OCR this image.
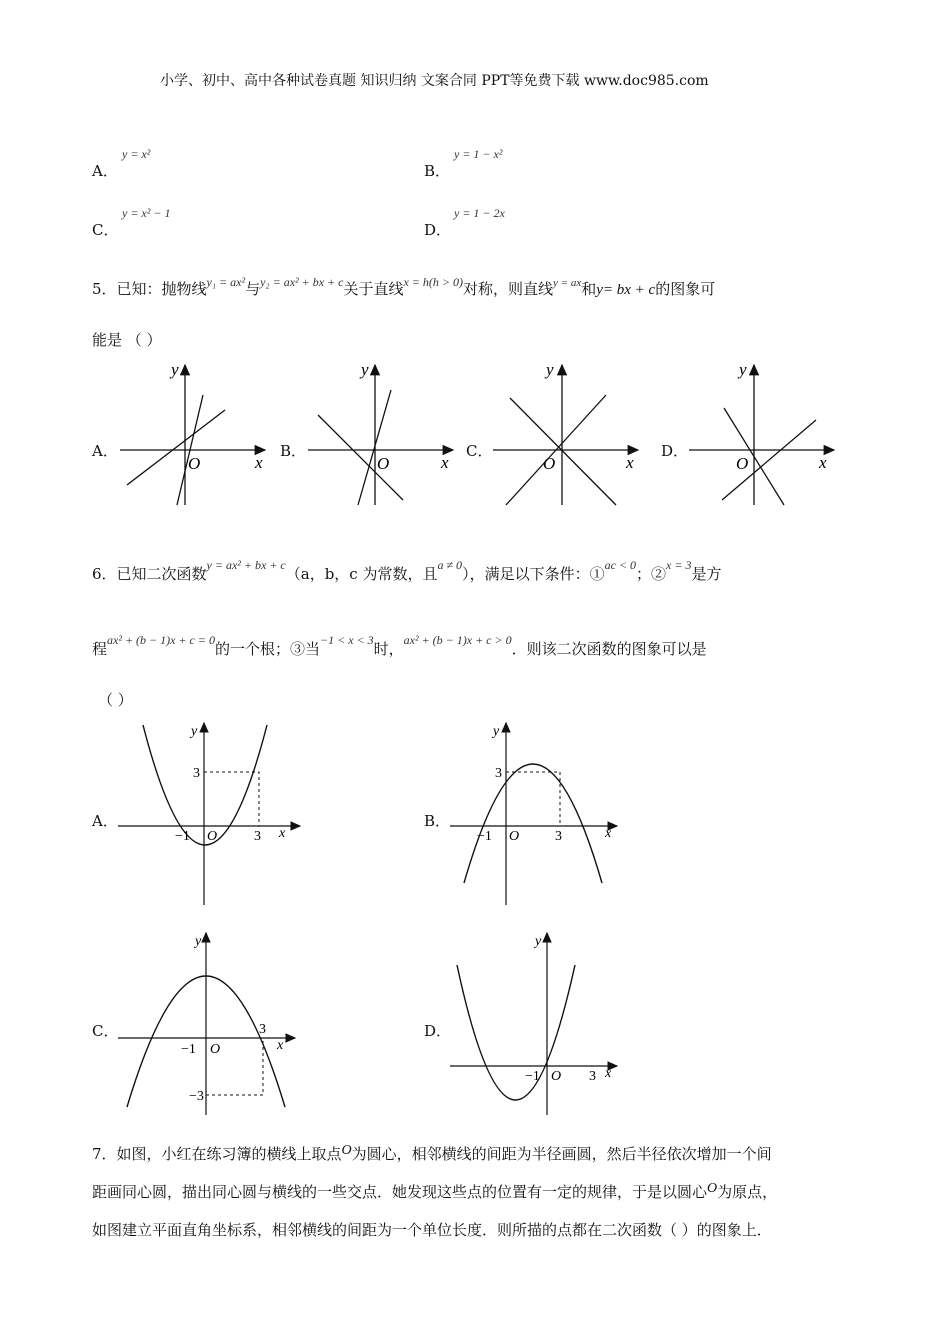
小学、初中、高中各种试卷真题 知识归纳 文案合同 PPT等免费下载 www.doc985.com
A．
y = x²
B．
y = 1 − x²
C．
y = x² − 1
D．
y = 1 − 2x
5．已知：抛物线$^{y_1 = ax^2}$与$^{y_2 = ax^2 + bx + c}$关于直线$^{x = h(h > 0)}$对称，则直线$^{y = ax}$和y= bx + c的图象可
能是 （ ）
A．	B．	C．	D．
y
x
O
y
x
O
y
x
O
y
x
O
6．已知二次函数$^{y = ax^2 + bx + c}$（a，b，c 为常数，且$^{a \ne 0}$），满足以下条件：①$^{ac < 0}$；②$^{x = 3}$是方
程$^{ax^2 + (b - 1)x + c = 0}$的一个根；③当$^{-1 < x < 3}$时，$^{ax^2 + (b - 1)x + c > 0}$．则该二次函数的图象可以是
（ ）
A．	B．
C．	D．
y
3
−1 O	3 x
y
3
−1 O	3	x
y
3
−1 O
−3
x
y
−1 O 3 x
7．如图，小红在练习簿的横线上取点O为圆心，相邻横线的间距为半径画圆，然后半径依次增加一个间
距画同心圆，描出同心圆与横线的一些交点．她发现这些点的位置有一定的规律，于是以圆心O为原点，
如图建立平面直角坐标系，相邻横线的间距为一个单位长度．则所描的点都在二次函数（ ）的图象上．
